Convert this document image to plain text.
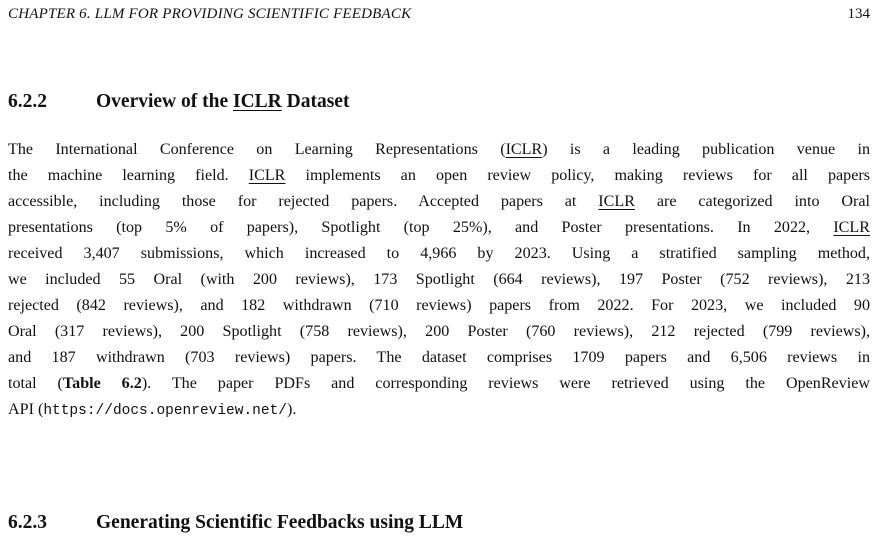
CHAPTER 6. LLM FOR PROVIDING SCIENTIFIC FEEDBACK	134
6.2.2	Overview of the ICLR Dataset
The International Conference on Learning Representations (ICLR) is a leading publication venue in
the machine learning field. ICLR implements an open review policy, making reviews for all papers
accessible, including those for rejected papers. Accepted papers at ICLR are categorized into Oral
presentations (top 5% of papers), Spotlight (top 25%), and Poster presentations. In 2022, ICLR
received 3,407 submissions, which increased to 4,966 by 2023. Using a stratified sampling method,
we included 55 Oral (with 200 reviews), 173 Spotlight (664 reviews), 197 Poster (752 reviews), 213
rejected (842 reviews), and 182 withdrawn (710 reviews) papers from 2022. For 2023, we included 90
Oral (317 reviews), 200 Spotlight (758 reviews), 200 Poster (760 reviews), 212 rejected (799 reviews),
and 187 withdrawn (703 reviews) papers. The dataset comprises 1709 papers and 6,506 reviews in
total (Table 6.2). The paper PDFs and corresponding reviews were retrieved using the OpenReview
API (https://docs.openreview.net/).
6.2.3	Generating Scientific Feedbacks using LLM
